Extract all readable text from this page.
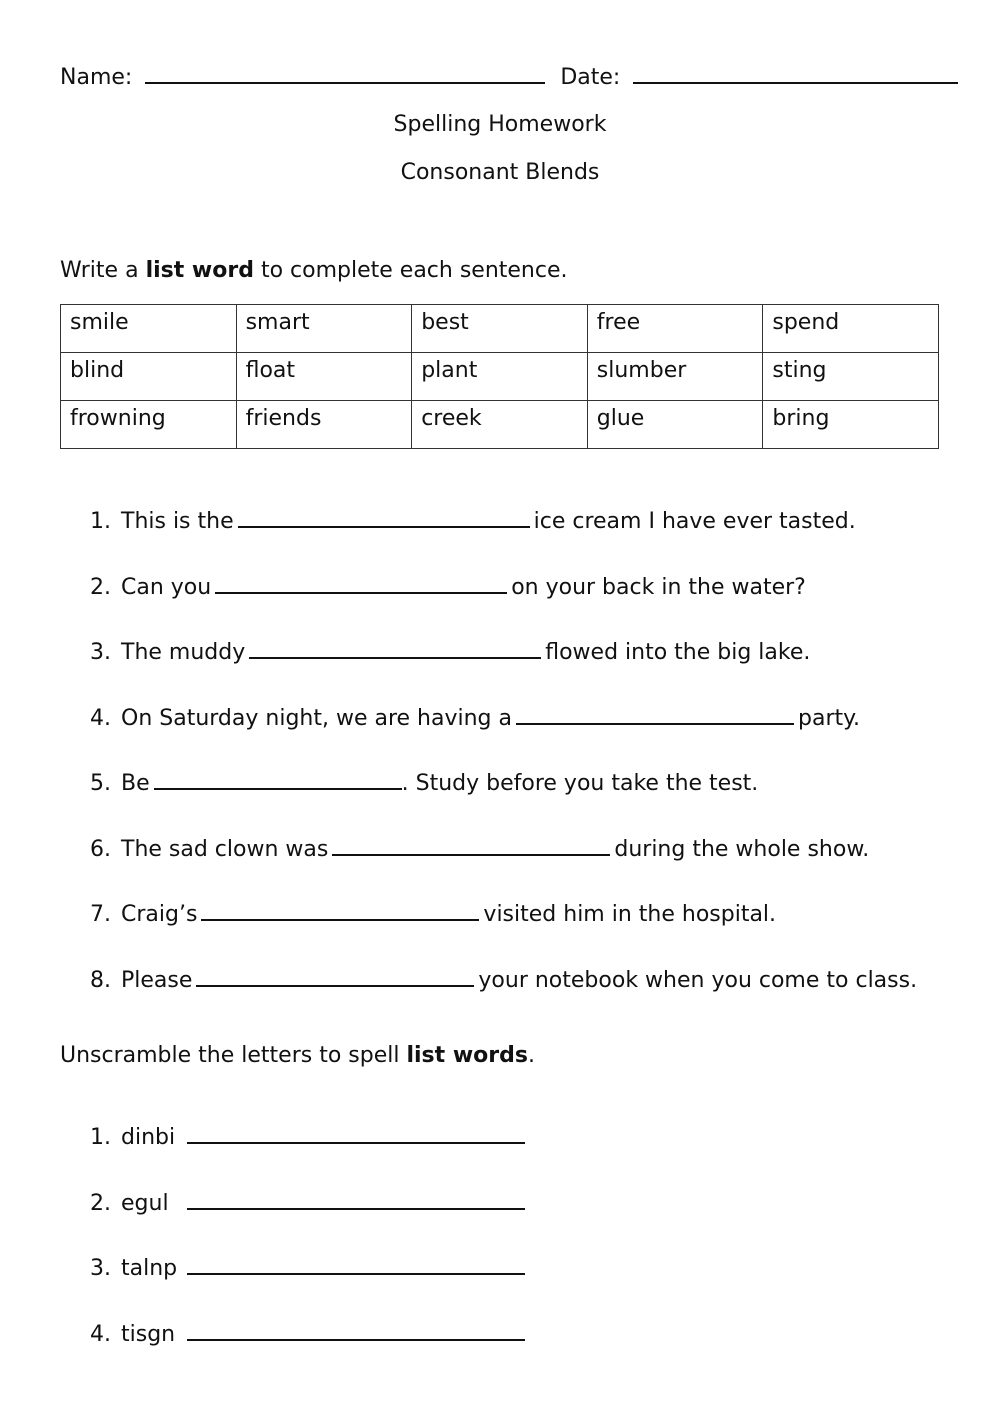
Name:	Date:
Spelling Homework
Consonant Blends
Write a list word to complete each sentence.
smile	smart	best	free	spend
blind	float	plant	slumber	sting
frowning	friends	creek	glue	bring
1. This is the	ice cream I have ever tasted.
2. Can you	on your back in the water?
3. The muddy	flowed into the big lake.
4. On Saturday night, we are having a	party.
5. Be	. Study before you take the test.
6. The sad clown was	during the whole show.
7. Craig’s	visited him in the hospital.
8. Please	your notebook when you come to class.
Unscramble the letters to spell list words.
1. dinbi
2. egul
3. talnp
4. tisgn
